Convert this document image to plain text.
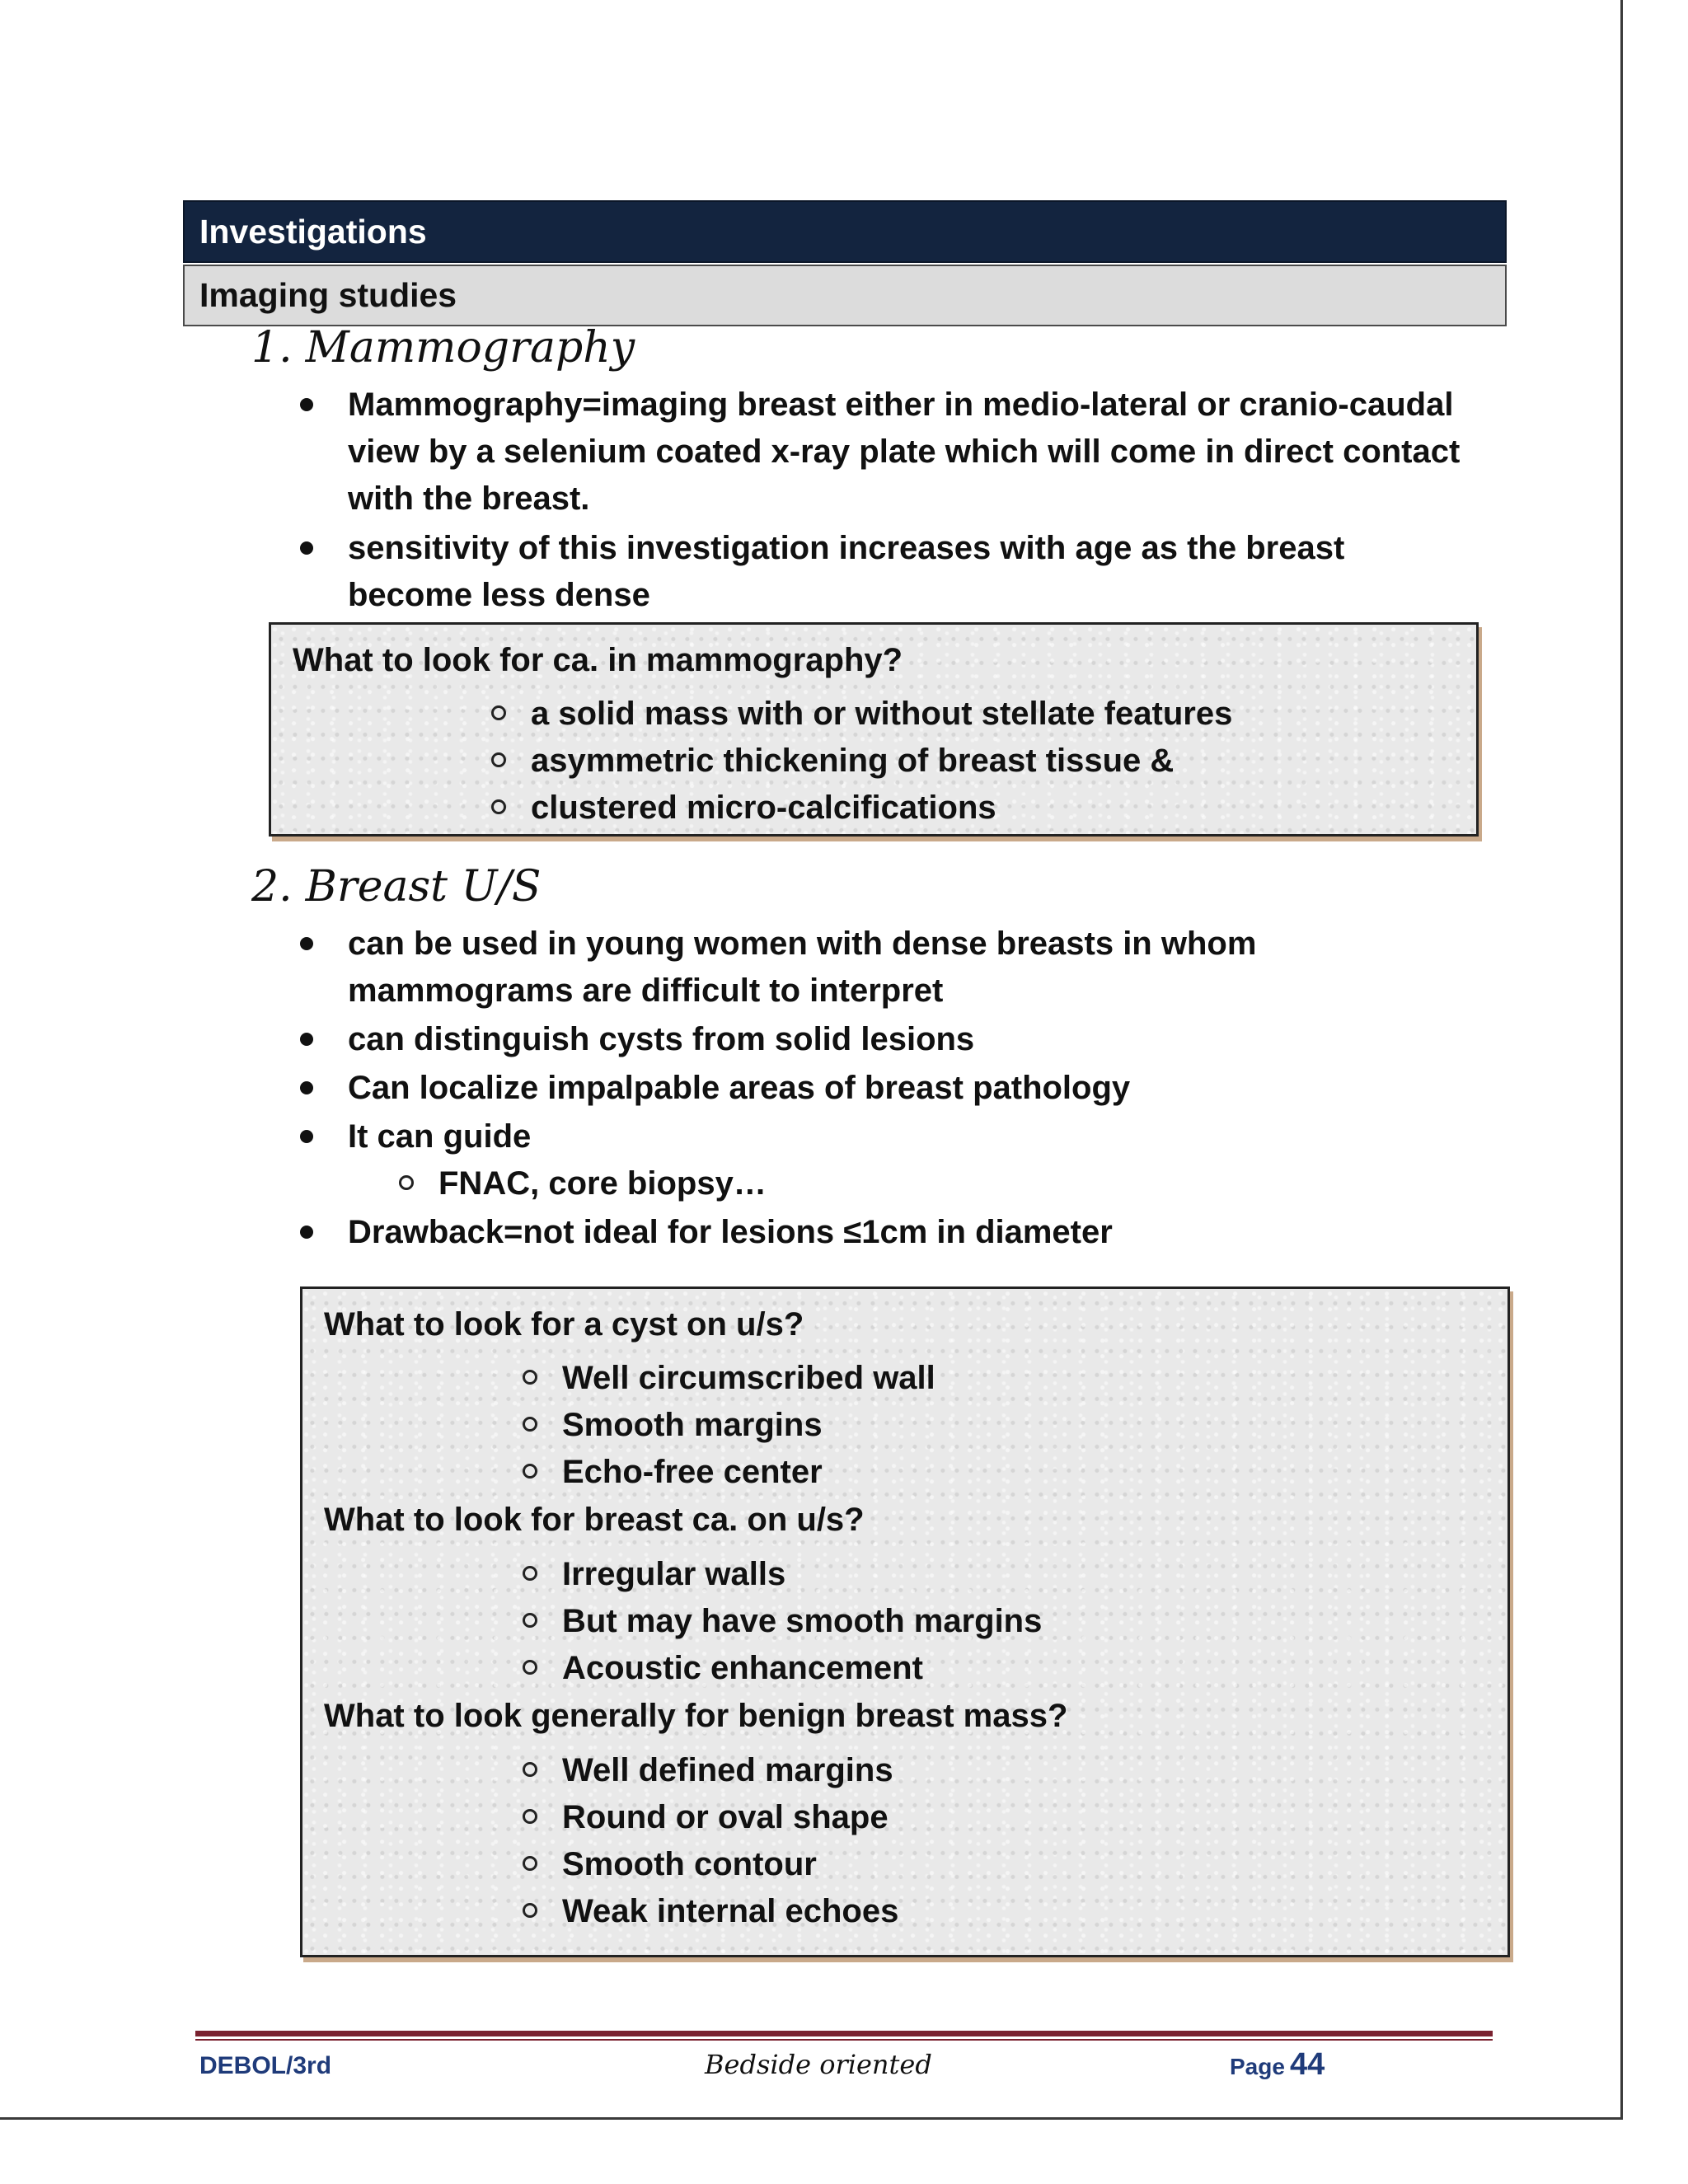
Investigations
Imaging studies
1. Mammography
Mammography=imaging breast either in medio-lateral or cranio-caudal view by a selenium coated x-ray plate which will come in direct contact with the breast.
sensitivity of this investigation increases with age as the breast become less dense
What to look for ca. in mammography?
a solid mass with or without stellate features
asymmetric thickening of breast tissue &
clustered micro-calcifications
2. Breast U/S
can be used in young women with dense breasts in whom mammograms are difficult to interpret
can distinguish cysts from solid lesions
Can localize impalpable areas of breast pathology
It can guide
FNAC, core biopsy…
Drawback=not ideal for lesions ≤1cm in diameter
What to look for a cyst on u/s?
Well circumscribed wall
Smooth margins
Echo-free center
What to look for breast ca. on u/s?
Irregular walls
But may have smooth margins
Acoustic enhancement
What to look generally for benign breast mass?
Well defined margins
Round or oval shape
Smooth contour
Weak internal echoes
DEBOL/3rd	Bedside oriented	Page 44
